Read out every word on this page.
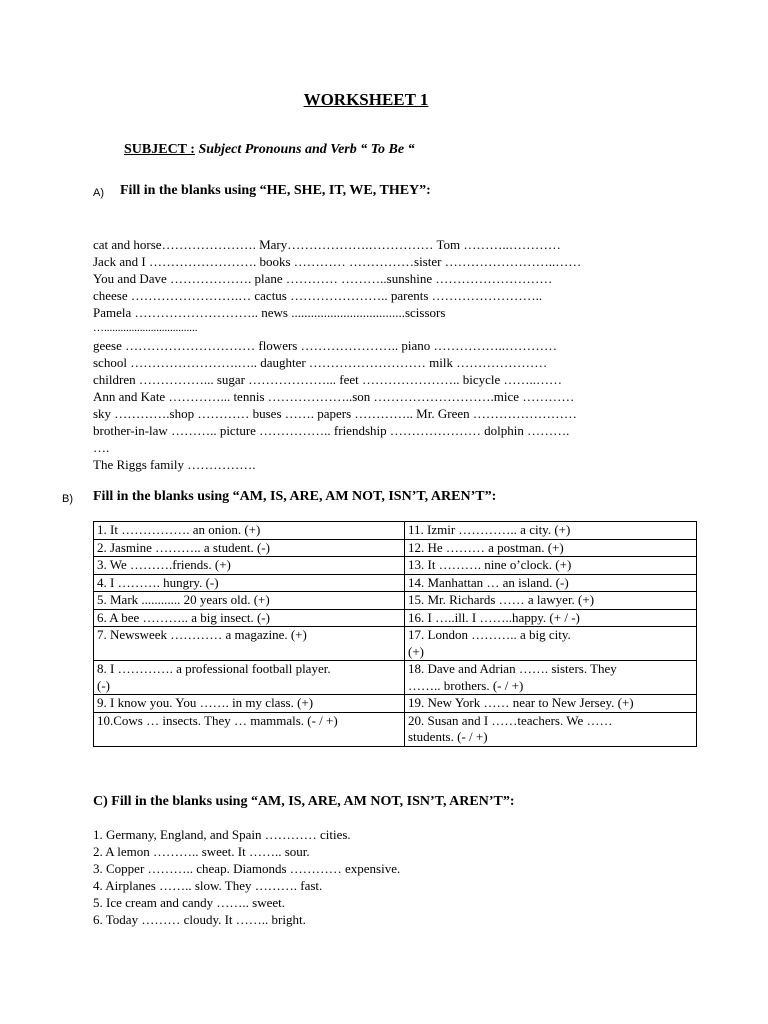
WORKSHEET 1
SUBJECT : Subject Pronouns and Verb “ To Be “
A) Fill in the blanks using “HE, SHE, IT, WE, THEY”:
cat and horse…………………. Mary……………….…………… Tom ………..…………
Jack and I ……………………. books ………… ……………sister ……………………..……
You and Dave ………………. plane ………… ………..sunshine ………………………
cheese …………………….… cactus ………………….. parents ……………………..
Pamela ……………………….. news ...................................scissors
…..................................
geese ………………………… flowers ………………….. piano ……………..…………
school …………………….….. daughter ……………………… milk …………………
children ……………... sugar ………………... feet ………………….. bicycle ……..……
Ann and Kate …………... tennis ………………..son ……………………….mice …………
sky ………….shop ………… buses ……. papers ………….. Mr. Green ……………………
brother-in-law ……….. picture …………….. friendship ………………… dolphin ……….
….
The Riggs family …………….
B) Fill in the blanks using “AM, IS, ARE, AM NOT, ISN’T, AREN’T”:
1. It ……………. an onion. (+)	11. Izmir ………….. a city. (+)
2. Jasmine ……….. a student. (-)	12. He ……… a postman. (+)
3. We ……….friends. (+)	13. It ………. nine o’clock. (+)
4. I ………. hungry. (-)	14. Manhattan … an island. (-)
5. Mark ............ 20 years old. (+)	15. Mr. Richards …… a lawyer. (+)
6. A bee ……….. a big insect. (-)	16. I …..ill. I ……..happy. (+ / -)
7. Newsweek ………… a magazine. (+)	17. London ……….. a big city.
(+)
8. I …………. a professional football player.
(-)	18. Dave and Adrian ……. sisters. They
…….. brothers. (- / +)
9. I know you. You ……. in my class. (+)	19. New York …… near to New Jersey. (+)
10.Cows … insects. They … mammals. (- / +)	20. Susan and I ……teachers. We ……
students. (- / +)
C) Fill in the blanks using “AM, IS, ARE, AM NOT, ISN’T, AREN’T”:
1. Germany, England, and Spain ………… cities.
2. A lemon ……….. sweet. It …….. sour.
3. Copper ……….. cheap. Diamonds ………… expensive.
4. Airplanes …….. slow. They ………. fast.
5. Ice cream and candy …….. sweet.
6. Today ……… cloudy. It …….. bright.
